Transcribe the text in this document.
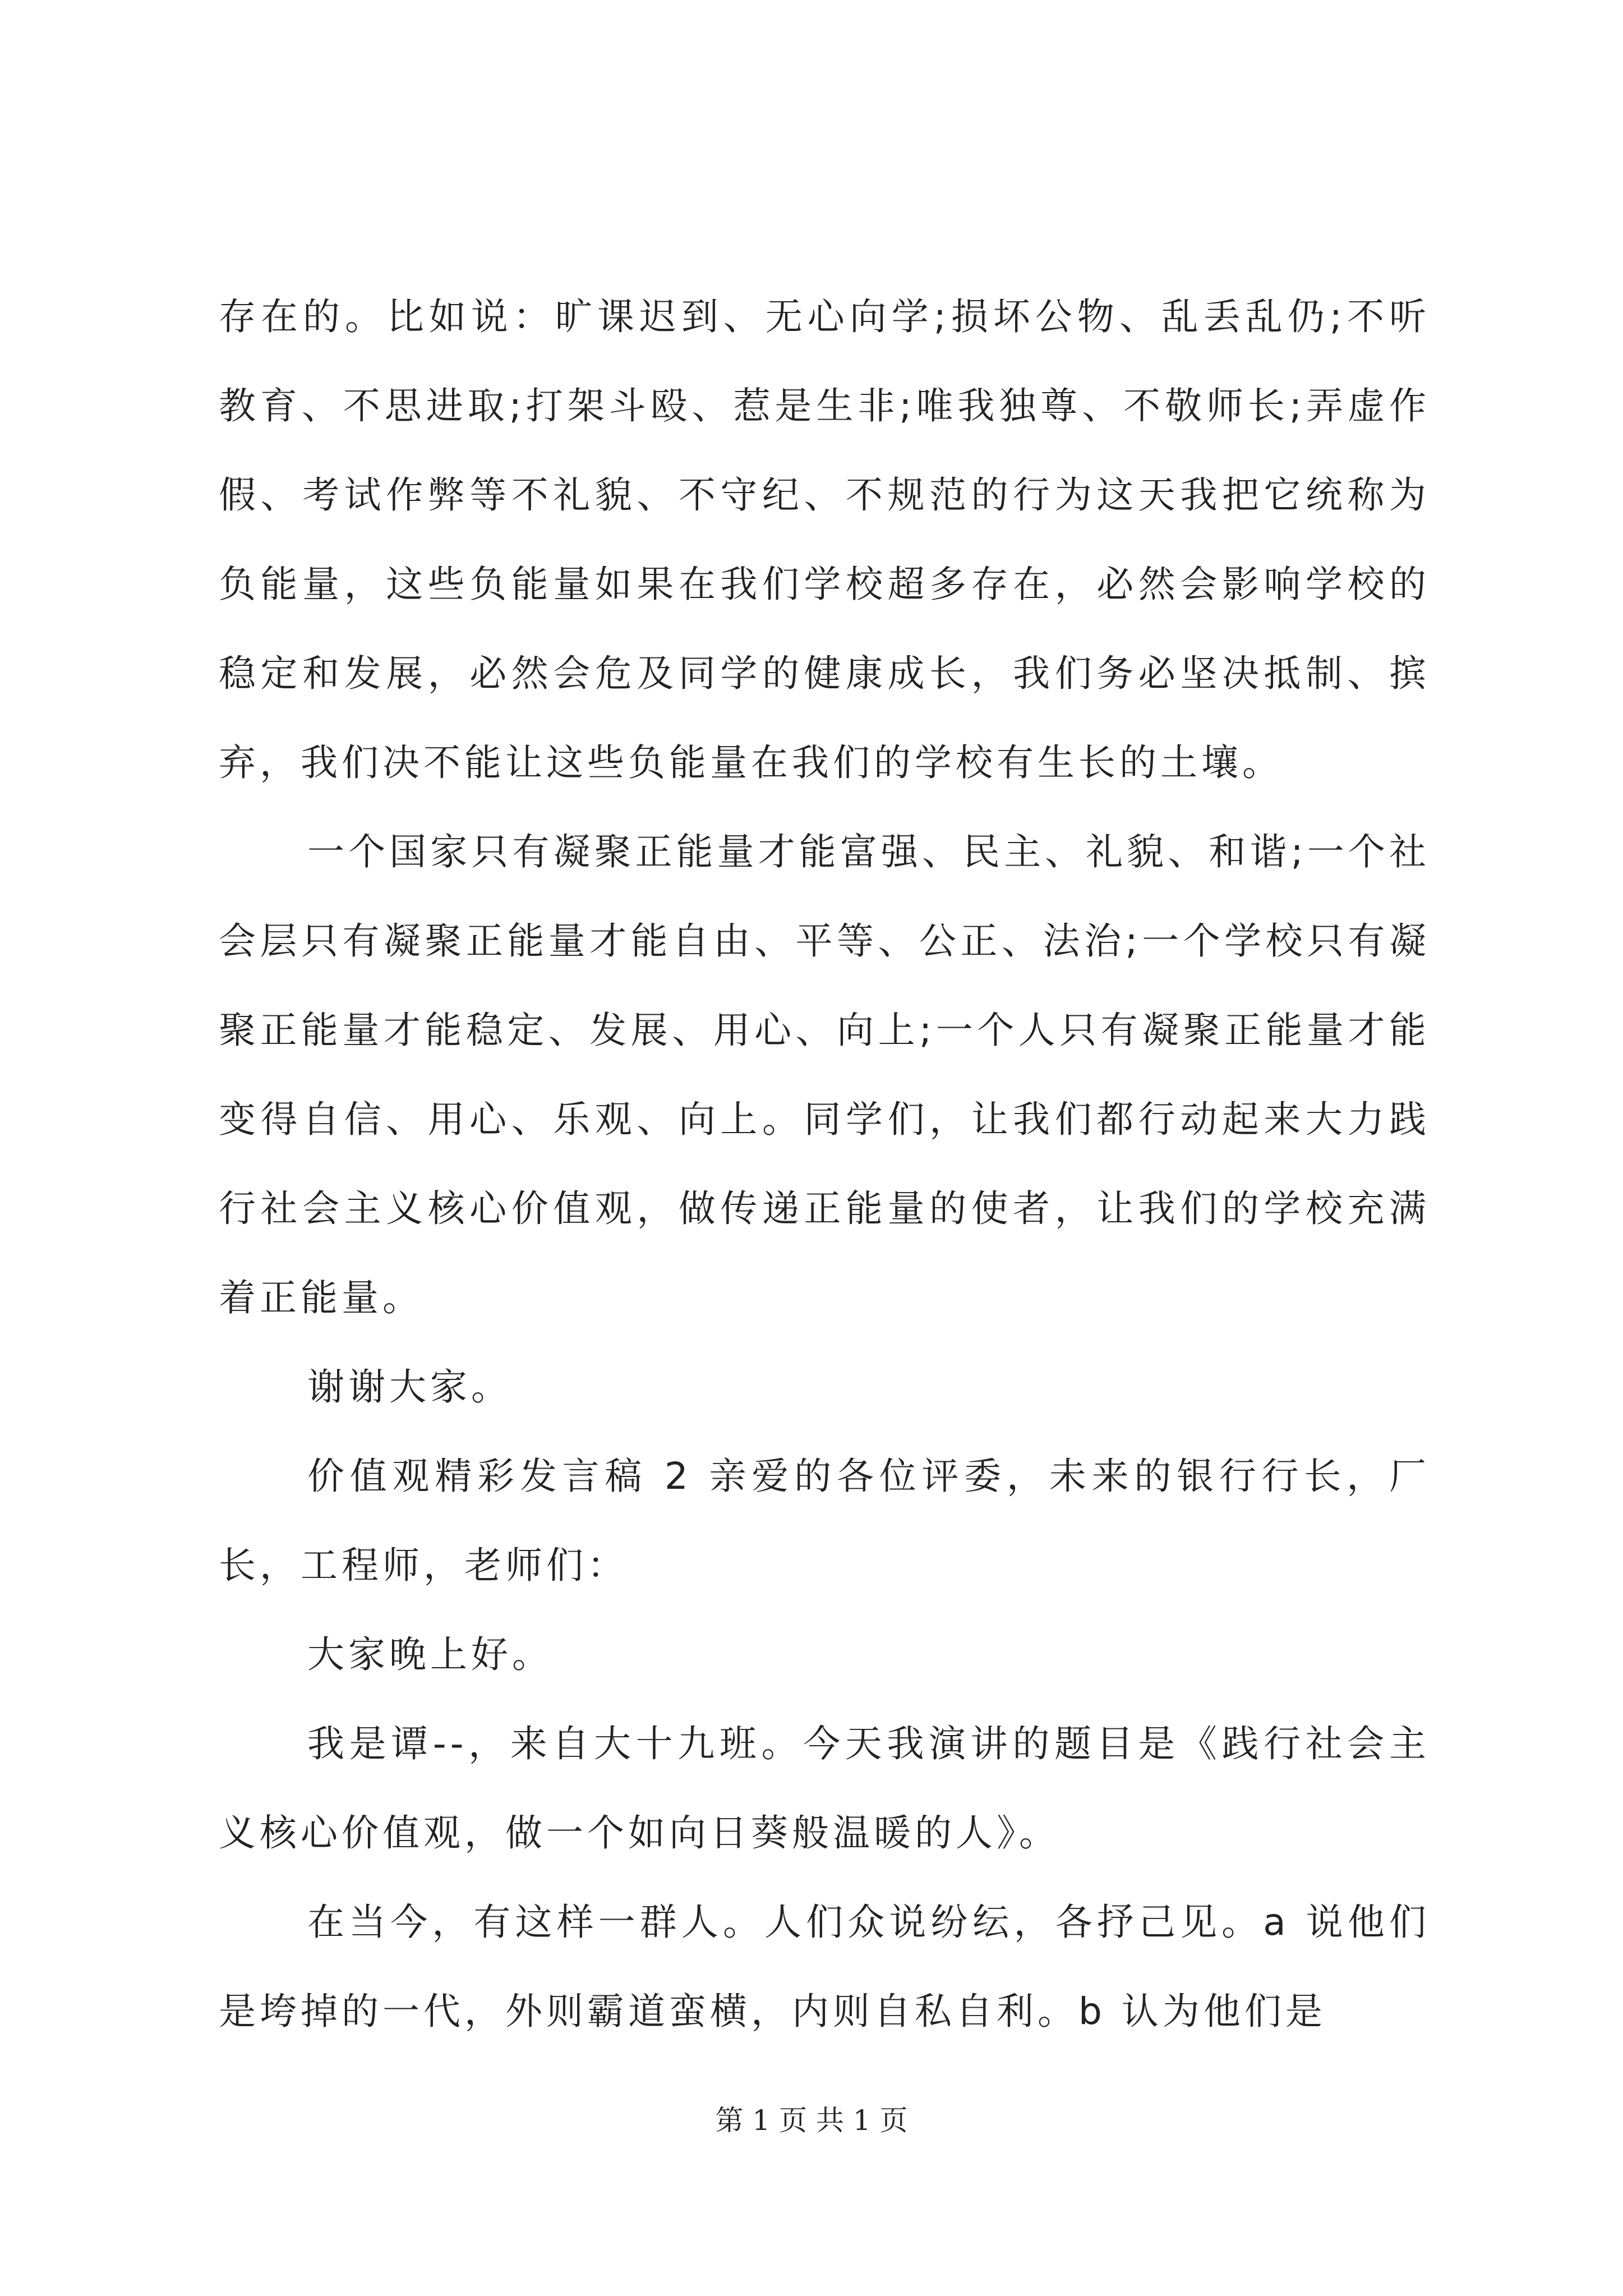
存在的。比如说：旷课迟到、无心向学;损坏公物、乱丢乱仍;不听教育、不思进取;打架斗殴、惹是生非;唯我独尊、不敬师长;弄虚作假、考试作弊等不礼貌、不守纪、不规范的行为这天我把它统称为负能量，这些负能量如果在我们学校超多存在，必然会影响学校的稳定和发展，必然会危及同学的健康成长，我们务必坚决抵制、摈弃，我们决不能让这些负能量在我们的学校有生长的土壤。

一个国家只有凝聚正能量才能富强、民主、礼貌、和谐;一个社会层只有凝聚正能量才能自由、平等、公正、法治;一个学校只有凝聚正能量才能稳定、发展、用心、向上;一个人只有凝聚正能量才能变得自信、用心、乐观、向上。同学们，让我们都行动起来大力践行社会主义核心价值观，做传递正能量的使者，让我们的学校充满着正能量。

谢谢大家。

价值观精彩发言稿 2 亲爱的各位评委，未来的银行行长，厂长，工程师，老师们：

大家晚上好。

我是谭--，来自大十九班。今天我演讲的题目是《践行社会主义核心价值观，做一个如向日葵般温暖的人》。

在当今，有这样一群人。人们众说纷纭，各抒己见。a 说他们是垮掉的一代，外则霸道蛮横，内则自私自利。b 认为他们是

第 1 页 共 1 页
